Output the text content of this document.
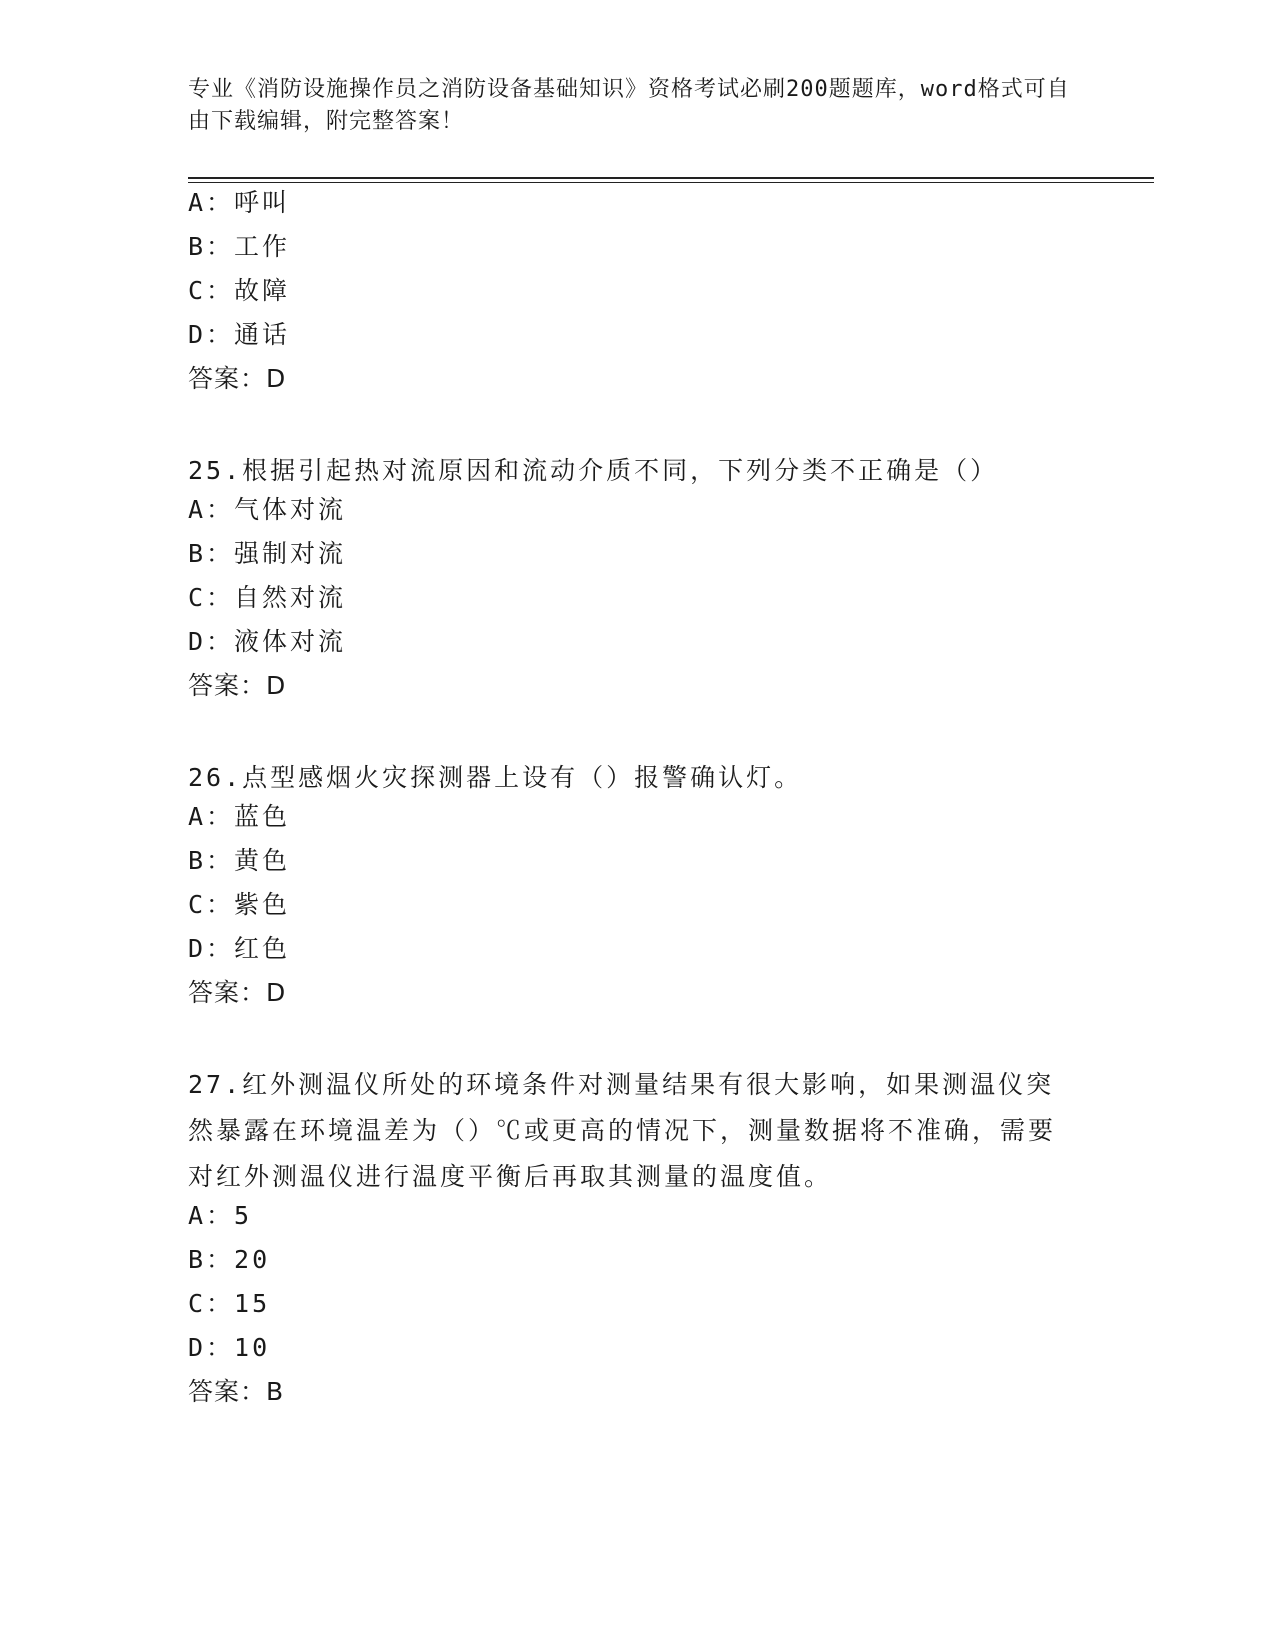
专业《消防设施操作员之消防设备基础知识》资格考试必刷200题题库，word格式可自由下载编辑，附完整答案！
A：呼叫
B：工作
C：故障
D：通话
答案：D
25.根据引起热对流原因和流动介质不同，下列分类不正确是（）
A：气体对流
B：强制对流
C：自然对流
D：液体对流
答案：D
26.点型感烟火灾探测器上设有（）报警确认灯。
A：蓝色
B：黄色
C：紫色
D：红色
答案：D
27.红外测温仪所处的环境条件对测量结果有很大影响，如果测温仪突然暴露在环境温差为（）℃或更高的情况下，测量数据将不准确，需要对红外测温仪进行温度平衡后再取其测量的温度值。
A：5
B：20
C：15
D：10
答案：B
